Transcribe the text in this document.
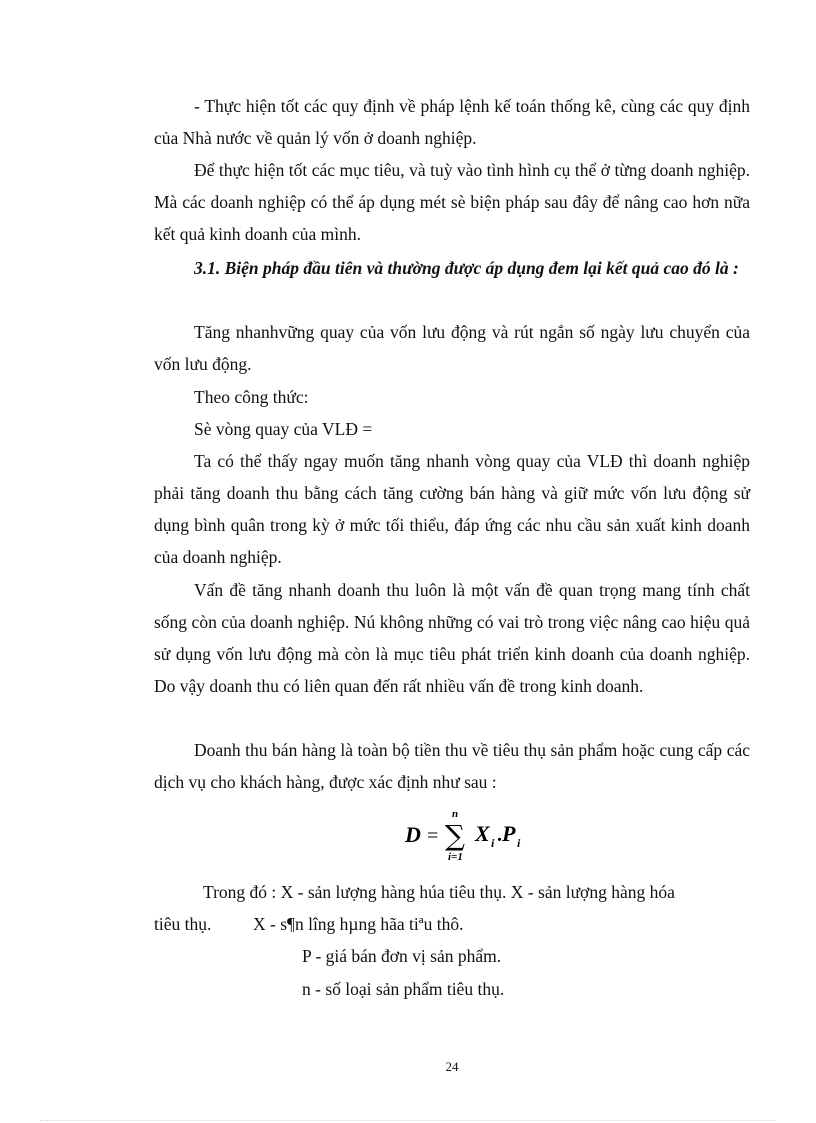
- Thực hiện tốt các quy định về pháp lệnh kế toán thống kê, cùng các quy định của Nhà nước về quản lý vốn ở doanh nghiệp.

Để thực hiện tốt các mục tiêu, và tuỳ vào tình hình cụ thể ở từng doanh nghiệp. Mà các doanh nghiệp có thể áp dụng mét sè biện pháp sau đây để nâng cao hơn nữa kết quả kinh doanh của mình.

3.1. Biện pháp đầu tiên và thường được áp dụng đem lại kết quả cao đó là :

Tăng nhanhvững quay của vốn lưu động và rút ngắn số ngày lưu chuyển của vốn lưu động.

Theo công thức:

Sè vòng quay của VLĐ =

Ta có thể thấy ngay muốn tăng nhanh vòng quay của VLĐ thì doanh nghiệp phải tăng doanh thu bằng cách tăng cường bán hàng và giữ mức vốn lưu động sử dụng bình quân trong kỳ ở mức tối thiểu, đáp ứng các nhu cầu sản xuất kinh doanh của doanh nghiệp.

Vấn đề tăng nhanh doanh thu luôn là một vấn đề quan trọng mang tính chất sống còn của doanh nghiệp. Nú không những có vai trò trong việc nâng cao hiệu quả sử dụng vốn lưu động mà còn là mục tiêu phát triển kinh doanh của doanh nghiệp. Do vậy doanh thu có liên quan đến rất nhiều vấn đề trong kinh doanh.

Doanh thu bán hàng là toàn bộ tiền thu về tiêu thụ sản phẩm hoặc cung cấp các dịch vụ cho khách hàng, được xác định như sau :

D =
n
∑
i=1
X i . P i
Trong đó : X - sản lượng hàng húa tiêu thụ. X - sản lượng hàng hóa
tiêu thụ. X - s¶n lîng hµng hãa tiªu thô.
P - giá bán đơn vị sản phẩm.
n - số loại sản phẩm tiêu thụ.
24
